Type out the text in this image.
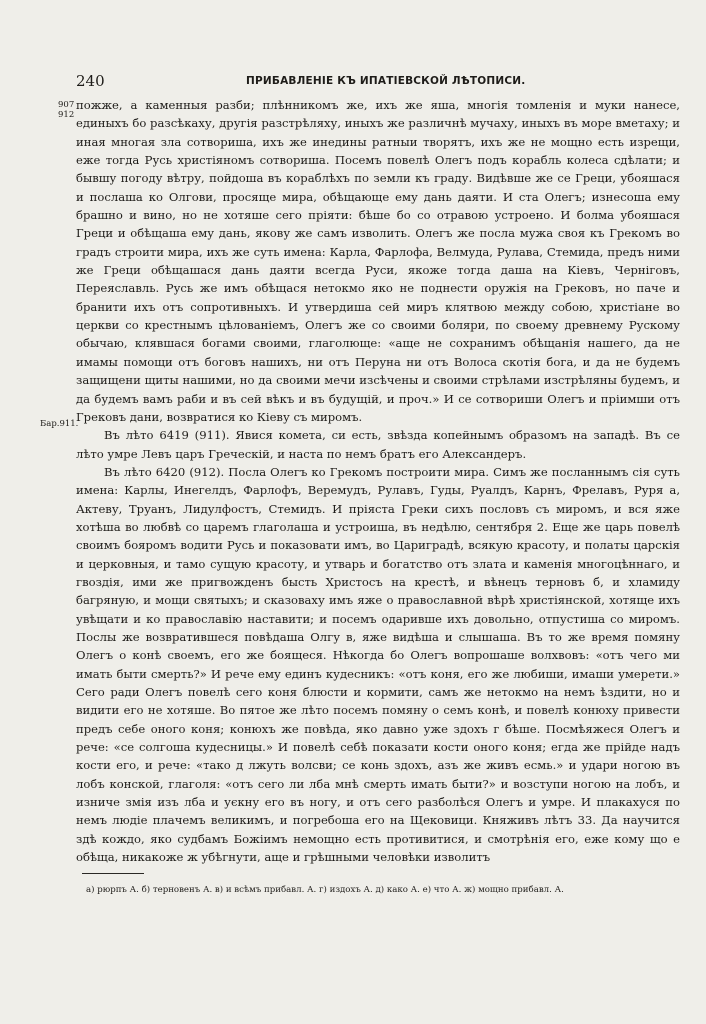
240	ПРИБАВЛЕНІЕ КЪ ИПАТІЕВСКОЙ ЛѢТОПИСИ.
907
912
Бар.911.

пожже, а каменныя разби; плѣнникомъ же, ихъ же яша, многія томленія и муки нанесе, единыхъ бо разсѣкаху, другія разстрѣляху, иныхъ же различнѣ мучаху, иныхъ въ море вметаху; и иная многая зла сотвориша, ихъ же инедины ратныи творятъ, ихъ же не мощно есть изрещи, еже тогда Русь христіяномъ сотвориша. Посемъ повелѣ Олегъ подъ корабль колеса сдѣлати; и бывшу погоду вѣтру, пойдоша въ кораблѣхъ по земли къ граду. Видѣвше же се Греци, убояшася и послаша ко Олгови, просяще мира, обѣщающе ему дань даяти. И ста Олегъ; изнесоша ему брашно и вино, но не хотяше сего пріяти: бѣше бо со отравою устроено. И болма убояшася Греци и обѣщаша ему дань, якову же самъ изволить. Олегъ же посла мужа своя къ Грекомъ во градъ строити мира, ихъ же суть имена: Карла, Фарлофа, Велмуда, Рулава, Стемида, предъ ними же Греци обѣщашася дань даяти всегда Руси, якоже тогда даша на Кіевъ, Черніговъ, Переяславль. Русь же имъ обѣщася нетокмо яко не поднести оружія на Грековъ, но паче и бранити ихъ отъ сопротивныхъ. И утвердиша сей миръ клятвою между собою, христіане во церкви со крестнымъ цѣлованіемъ, Олегъ же со своими боляри, по своему древнему Рускому обычаю, клявшася богами своими, глаголюще: «аще не сохранимъ обѣщанія нашего, да не имамы помощи отъ боговъ нашихъ, ни отъ Перуна ни отъ Волоса скотія бога, и да не будемъ защищени щиты нашими, но да своими мечи изсѣчены и своими стрѣлами изстрѣляны будемъ, и да будемъ вамъ раби и въ сей вѣкъ и въ будущій, и проч.» И се сотвориши Олегъ и пріимши отъ Грековъ дани, возвратися ко Кіеву съ миромъ.

Въ лѣто 6419 (911). Явися комета, си есть, звѣзда копейнымъ образомъ на западѣ. Въ се лѣто умре Левъ царъ Греческій, и наста по немъ братъ его Александеръ.

Въ лѣто 6420 (912). Посла Олегъ ко Грекомъ построити мира. Симъ же посланнымъ сія суть имена: Карлы, Инегелдъ, Фарлофъ, Веремудъ, Рулавъ, Гуды, Руалдъ, Карнъ, Фрелавъ, Руря а, Актеву, Труанъ, Лидулфостъ, Стемидъ. И пріяста Греки сихъ пословъ съ миромъ, и вся яже хотѣша во любвѣ со царемъ глаголаша и устроиша, въ недѣлю, сентября 2. Еще же царь повелѣ своимъ бояромъ водити Русь и показовати имъ, во Цариградѣ, всякую красоту, и полаты царскія и церковныя, и тамо сущую красоту, и утварь и богатство отъ злата и каменія многоцѣннаго, и гвоздія, ими же пригвожденъ бысть Христосъ на крестѣ, и вѣнецъ терновъ б, и хламиду багряную, и мощи святыхъ; и сказоваху имъ яже о православной вѣрѣ христіянской, хотяще ихъ увѣщати и ко православію наставити; и посемъ одаривше ихъ довольно, отпустиша со миромъ. Послы же возвратившеся повѣдаша Олгу в, яже видѣша и слышаша. Въ то же время помяну Олегъ о конѣ своемъ, его же боящеся. Нѣкогда бо Олегъ вопрошаше волхвовъ: «отъ чего ми имать быти смерть?» И рече ему единъ кудесникъ: «отъ коня, его же любиши, имаши умерети.» Сего ради Олегъ повелѣ сего коня блюсти и кормити, самъ же нетокмо на немъ ѣздити, но и видити его не хотяше. Во пятое же лѣто посемъ помяну о семъ конѣ, и повелѣ конюху привести предъ себе оного коня; конюхъ же повѣда, яко давно уже здохъ г бѣше. Посмѣяжеся Олегъ и рече: «се солгоша кудесницы.» И повелѣ себѣ показати кости оного коня; егда же прійде надъ кости его, и рече: «тако д лжуть волсви; се конь здохъ, азъ же живъ есмь.» и удари ногою въ лобъ конской, глаголя: «отъ сего ли лба мнѣ смерть имать быти?» и возступи ногою на лобъ, и изниче змія изъ лба и уєкну его въ ногу, и отъ сего разболѣся Олегъ и умре. И плакахуся по немъ людіе плачемъ великимъ, и погребоша его на Щековици. Княживъ лѣтъ 33. Да научится здѣ кождо, яко судбамъ Божіимъ немощно есть противитися, и смотрѣнія его, еже кому що е обѣща, никакоже ж убѣгнути, аще и грѣшными человѣки изволитъ

а) рюрпъ А. б) терновенъ А. в) и всѣмъ прибавл. А. г) издохъ А. д) како А. е) что А. ж) мощно прибавл. А.
